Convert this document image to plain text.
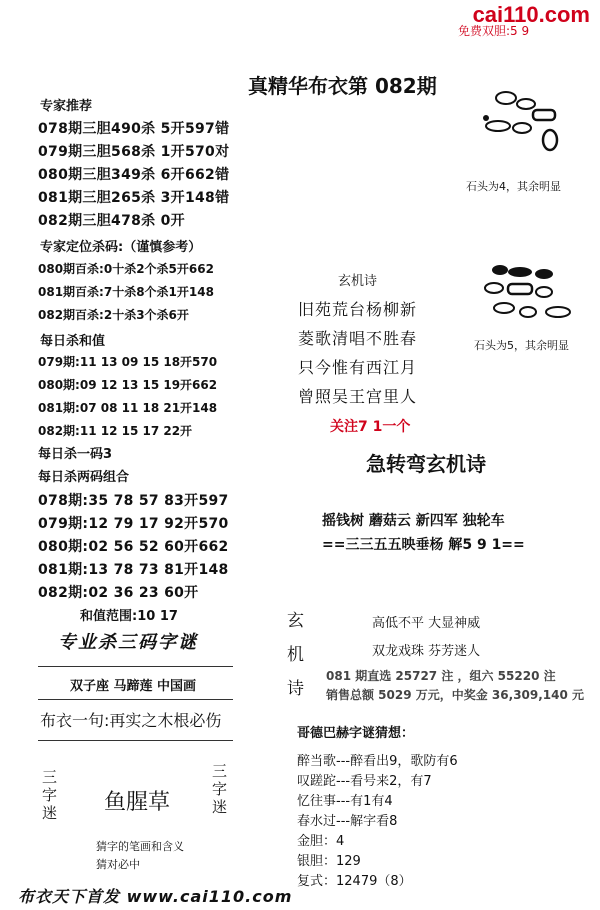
cai110.com
免费双胆:5 9
真精华布衣第 082期
专家推荐
078期三胆490杀 5开597错
079期三胆568杀 1开570对
080期三胆349杀 6开662错
081期三胆265杀 3开148错
082期三胆478杀 0开
专家定位杀码:（谨慎参考）
080期百杀:0十杀2个杀5开662
081期百杀:7十杀8个杀1开148
082期百杀:2十杀3个杀6开
每日杀和值
079期:11 13 09 15 18开570
080期:09 12 13 15 19开662
081期:07 08 11 18 21开148
082期:11 12 15 17 22开
每日杀一码3
每日杀两码组合
078期:35 78 57 83开597
079期:12 79 17 92开570
080期:02 56 52 60开662
081期:13 78 73 81开148
082期:02 36 23 60开
和值范围:10 17
专业杀三码字谜
双子座 马蹄莲 中国画
布衣一句:再实之木根必伤
三字迷
三字迷
鱼腥草
猜字的笔画和含义
猜对必中
布衣天下首发 www.cai110.com
石头为4，其余明显
石头为5，其余明显
玄机诗
旧苑荒台杨柳新
菱歌清唱不胜春
只今惟有西江月
曾照吴王宫里人
关注7 1一个
急转弯玄机诗
摇钱树 蘑菇云 新四军 独轮车
==三三五五映垂杨 解5 9 1==
玄
机
诗
高低不平 大显神威
双龙戏珠 芬芳迷人
081 期直选 25727 注 ，组六 55220 注
销售总额 5029 万元，中奖金 36,309,140 元
哥德巴赫字谜猜想：
醉当歌---醉看出9，歌防有6
叹蹉跎---看号来2，有7
忆往事---有1有4
春水过---解字看8
金胆：4
银胆：129
复式：12479（8）
